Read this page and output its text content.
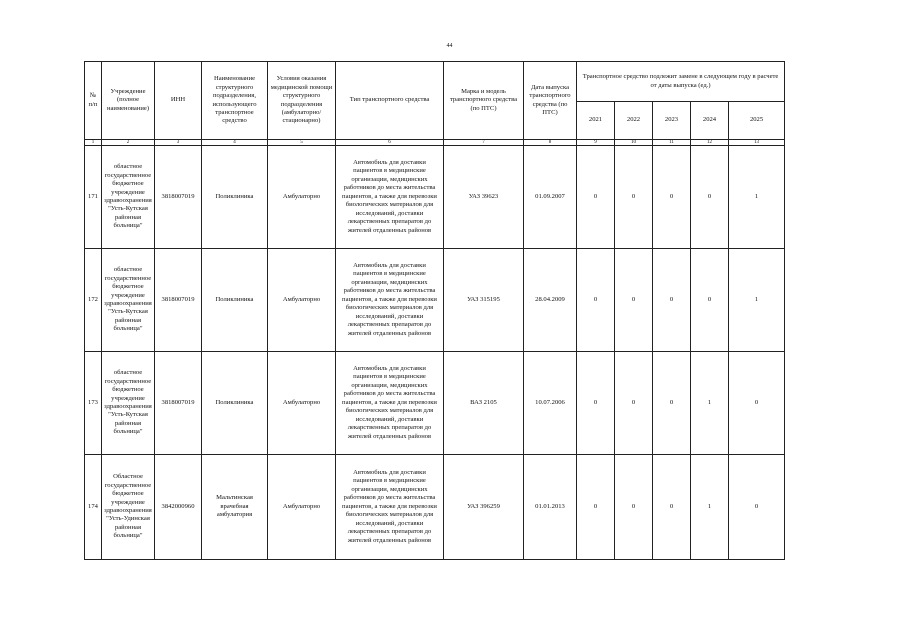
44
№ п/п	Учреждение (полное наименование)	ИНН	Наименование структурного подразделения, использующего транспортное средство	Условия оказания медицинской помощи структурного подразделения (амбулаторно/ стационарно)	Тип транспортного средства	Марка и модель транспортного средства (по ПТС)	Дата выпуска транспортного средства (по ПТС)	Транспортное средство подлежит замене в следующем году в расчете от даты выпуска (ед.)				
								2021	2022	2023	2024	2025
1	2	3	4	5	6	7	8	9	10	11	12	13
171	областное государственное бюджетное учреждение здравоохранения "Усть-Кутская районная больница"	3818007019	Поликлиника	Амбулаторно	Автомобиль для доставки пациентов в медицинские организации, медицинских работников до места жительства пациентов, а также для перевозки биологических материалов для исследований, доставки лекарственных препаратов до жителей отдаленных районов	УАЗ 39623	01.09.2007	0	0	0	0	1
172	областное государственное бюджетное учреждение здравоохранения "Усть-Кутская районная больница"	3818007019	Поликлиника	Амбулаторно	Автомобиль для доставки пациентов в медицинские организации, медицинских работников до места жительства пациентов, а также для перевозки биологических материалов для исследований, доставки лекарственных препаратов до жителей отдаленных районов	УАЗ 315195	28.04.2009	0	0	0	0	1
173	областное государственное бюджетное учреждение здравоохранения "Усть-Кутская районная больница"	3818007019	Поликлиника	Амбулаторно	Автомобиль для доставки пациентов в медицинские организации, медицинских работников до места жительства пациентов, а также для перевозки биологических материалов для исследований, доставки лекарственных препаратов до жителей отдаленных районов	ВАЗ 2105	10.07.2006	0	0	0	1	0
174	Областное государственное бюджетное учреждение здравоохранения "Усть-Удинская районная больница"	3842000960	Мальтинская врачебная амбулатория	Амбулаторно	Автомобиль для доставки пациентов в медицинские организации, медицинских работников до места жительства пациентов, а также для перевозки биологических материалов для исследований, доставки лекарственных препаратов до жителей отдаленных районов	УАЗ 396259	01.01.2013	0	0	0	1	0
